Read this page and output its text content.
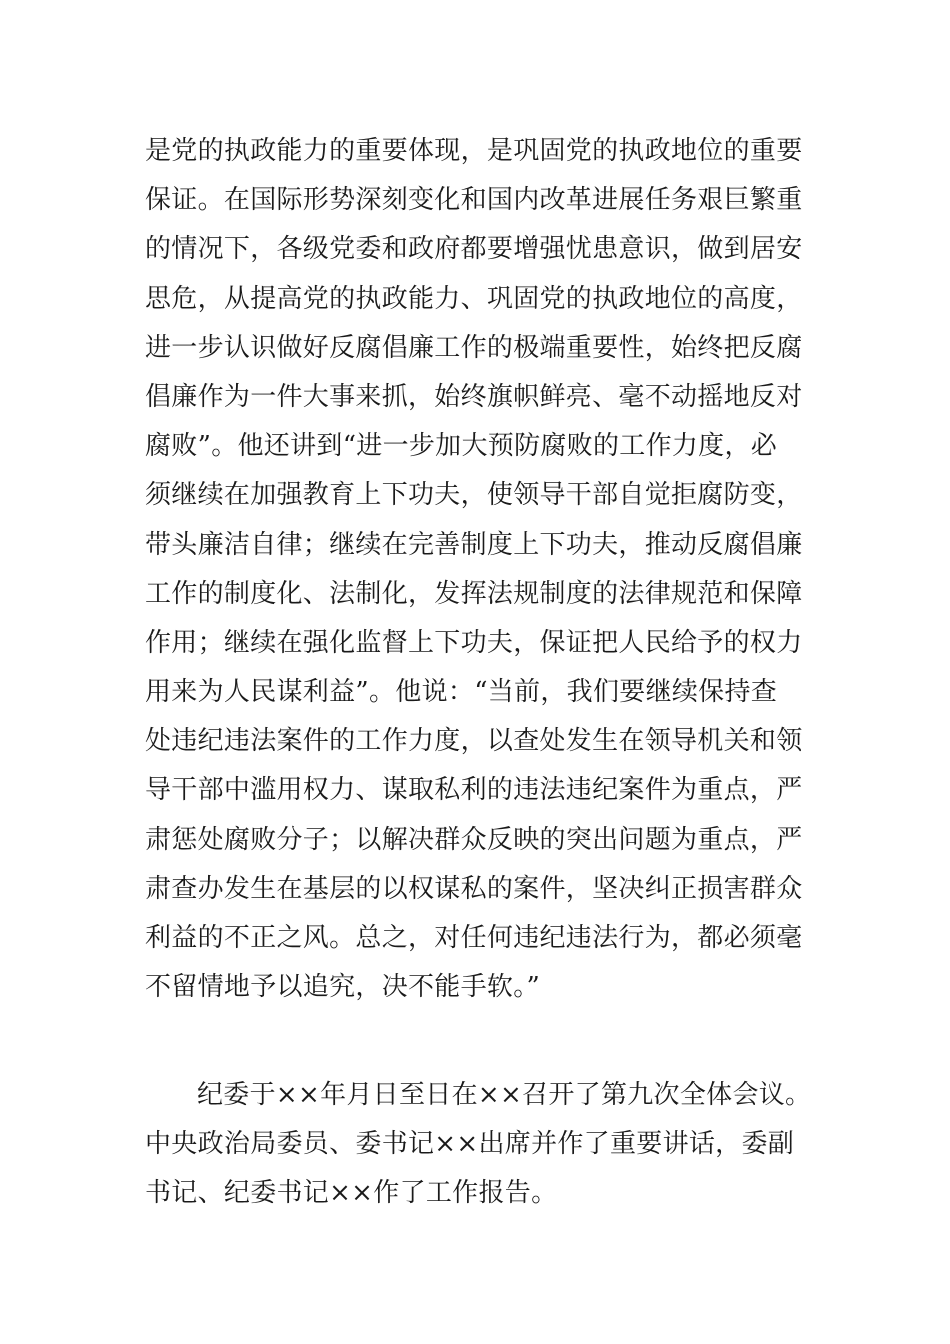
是党的执政能力的重要体现，是巩固党的执政地位的重要
保证。在国际形势深刻变化和国内改革进展任务艰巨繁重
的情况下，各级党委和政府都要增强忧患意识，做到居安
思危，从提高党的执政能力、巩固党的执政地位的高度，
进一步认识做好反腐倡廉工作的极端重要性，始终把反腐
倡廉作为一件大事来抓，始终旗帜鲜亮、毫不动摇地反对
腐败”。他还讲到“进一步加大预防腐败的工作力度，必
须继续在加强教育上下功夫，使领导干部自觉拒腐防变，
带头廉洁自律；继续在完善制度上下功夫，推动反腐倡廉
工作的制度化、法制化，发挥法规制度的法律规范和保障
作用；继续在强化监督上下功夫，保证把人民给予的权力
用来为人民谋利益”。他说：“当前，我们要继续保持查
处违纪违法案件的工作力度，以查处发生在领导机关和领
导干部中滥用权力、谋取私利的违法违纪案件为重点，严
肃惩处腐败分子；以解决群众反映的突出问题为重点，严
肃查办发生在基层的以权谋私的案件，坚决纠正损害群众
利益的不正之风。总之，对任何违纪违法行为，都必须毫
不留情地予以追究，决不能手软。”
纪委于××年月日至日在××召开了第九次全体会议。
中央政治局委员、委书记××出席并作了重要讲话，委副
书记、纪委书记××作了工作报告。
